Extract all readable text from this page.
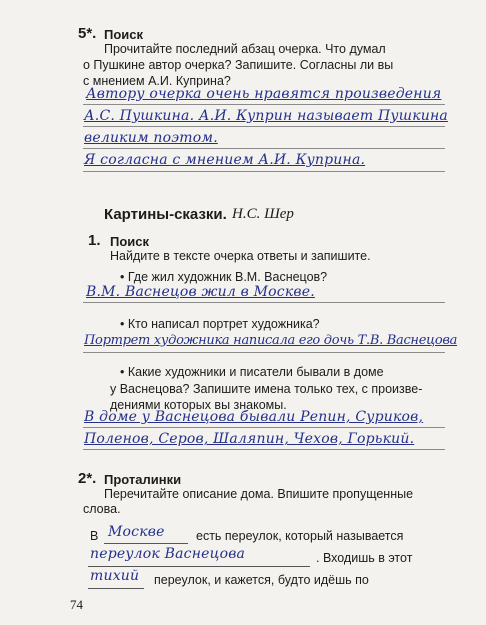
5*. Поиск
Прочитайте последний абзац очерка. Что думал
о Пушкине автор очерка? Запишите. Согласны ли вы
с мнением А.И. Куприна?
Автору очерка очень нравятся произведения
А.С. Пушкина. А.И. Куприн называет Пушкина
великим поэтом.
Я согласна с мнением А.И. Куприна.
Картины-сказки. Н.С. Шер
1. Поиск
Найдите в тексте очерка ответы и запишите.
• Где жил художник В.М. Васнецов?
В.М. Васнецов жил в Москве.
• Кто написал портрет художника?
Портрет художника написала его дочь Т.В. Васнецова
• Какие художники и писатели бывали в доме
у Васнецова? Запишите имена только тех, с произве-
дениями которых вы знакомы.
В доме у Васнецова бывали Репин, Суриков,
Поленов, Серов, Шаляпин, Чехов, Горький.
2*. Проталинки
Перечитайте описание дома. Впишите пропущенные
слова.
В Москве	есть переулок, который называется
переулок Васнецова	. Входишь в этот
тихий переулок, и кажется, будто идёшь по
74
